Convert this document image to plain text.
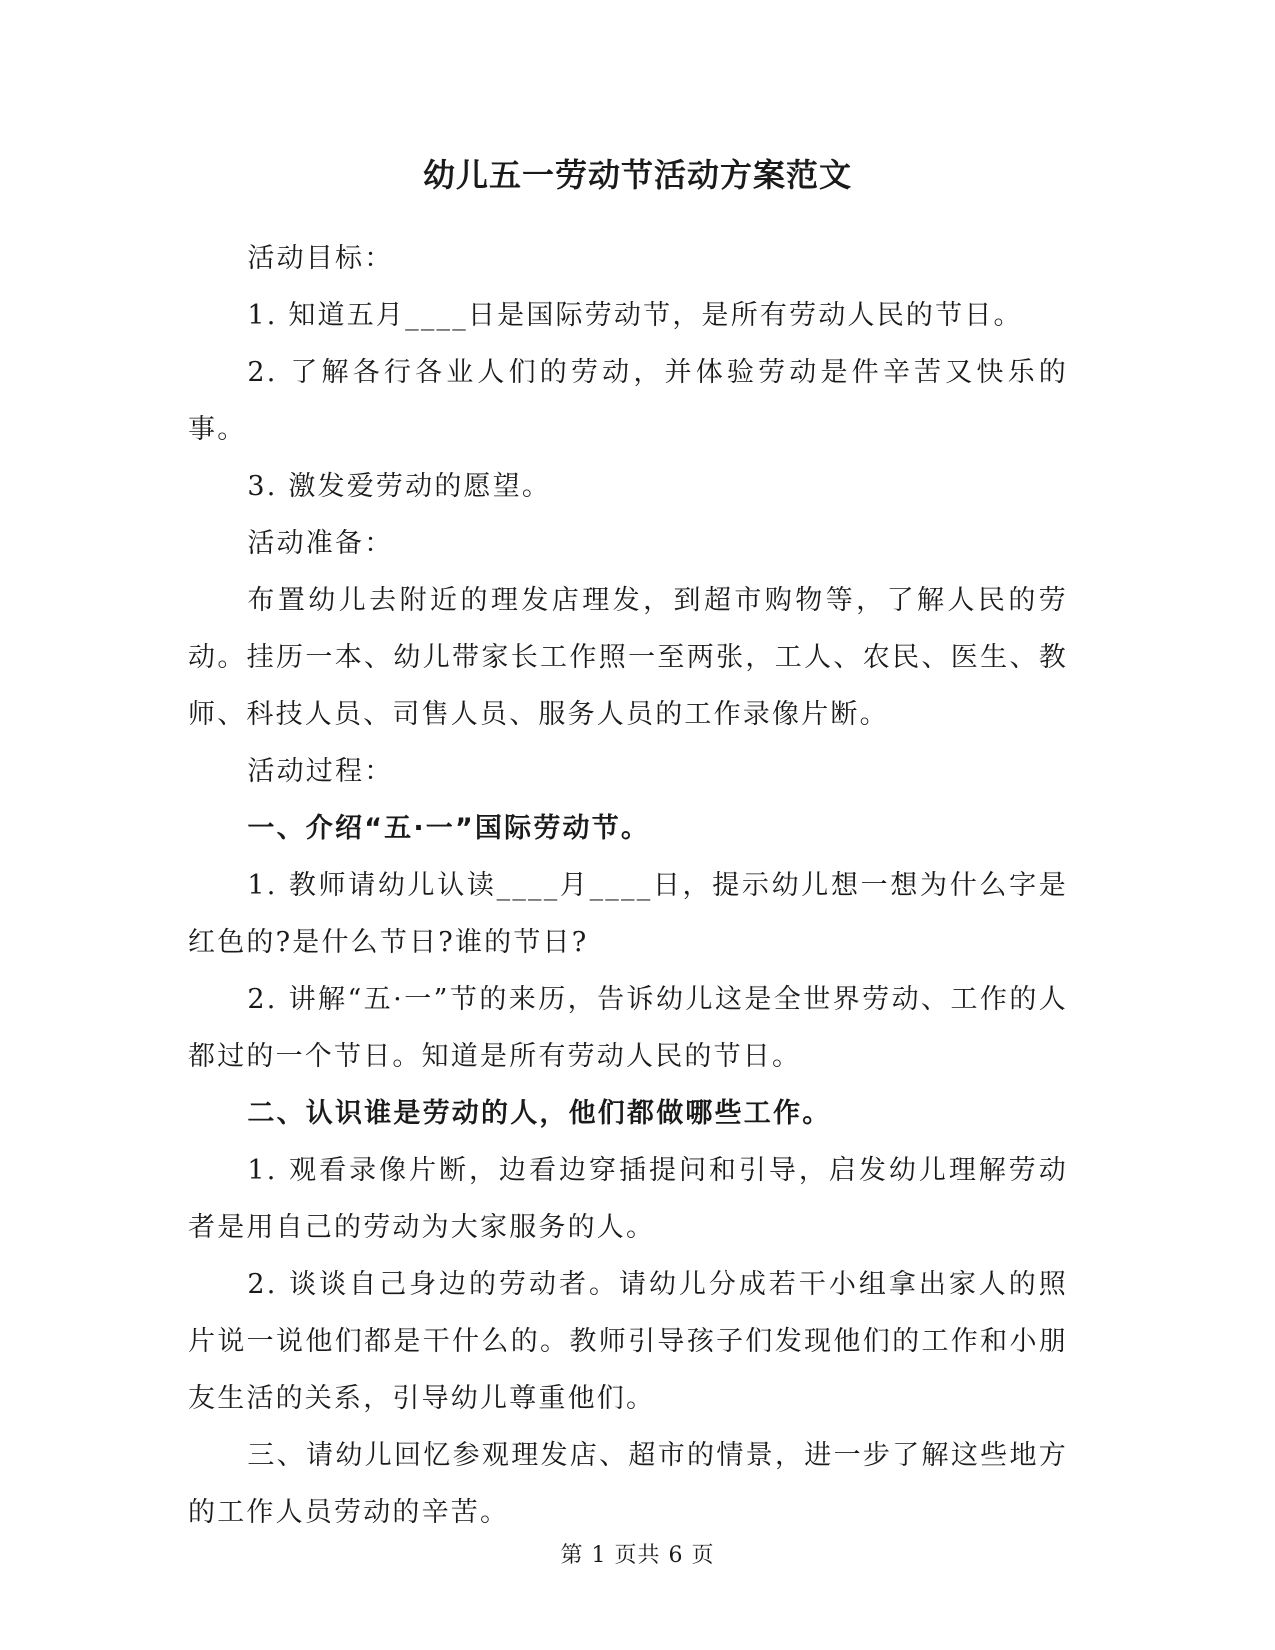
幼儿五一劳动节活动方案范文

活动目标：

1. 知道五月____日是国际劳动节，是所有劳动人民的节日。

2. 了解各行各业人们的劳动，并体验劳动是件辛苦又快乐的事。

3. 激发爱劳动的愿望。

活动准备：

布置幼儿去附近的理发店理发，到超市购物等，了解人民的劳动。挂历一本、幼儿带家长工作照一至两张，工人、农民、医生、教师、科技人员、司售人员、服务人员的工作录像片断。

活动过程：

一、介绍“五·一”国际劳动节。

1. 教师请幼儿认读____月____日，提示幼儿想一想为什么字是红色的?是什么节日?谁的节日?

2. 讲解“五·一”节的来历，告诉幼儿这是全世界劳动、工作的人都过的一个节日。知道是所有劳动人民的节日。

二、认识谁是劳动的人，他们都做哪些工作。

1. 观看录像片断，边看边穿插提问和引导，启发幼儿理解劳动者是用自己的劳动为大家服务的人。

2. 谈谈自己身边的劳动者。请幼儿分成若干小组拿出家人的照片说一说他们都是干什么的。教师引导孩子们发现他们的工作和小朋友生活的关系，引导幼儿尊重他们。

三、请幼儿回忆参观理发店、超市的情景，进一步了解这些地方的工作人员劳动的辛苦。

第 1 页共 6 页
